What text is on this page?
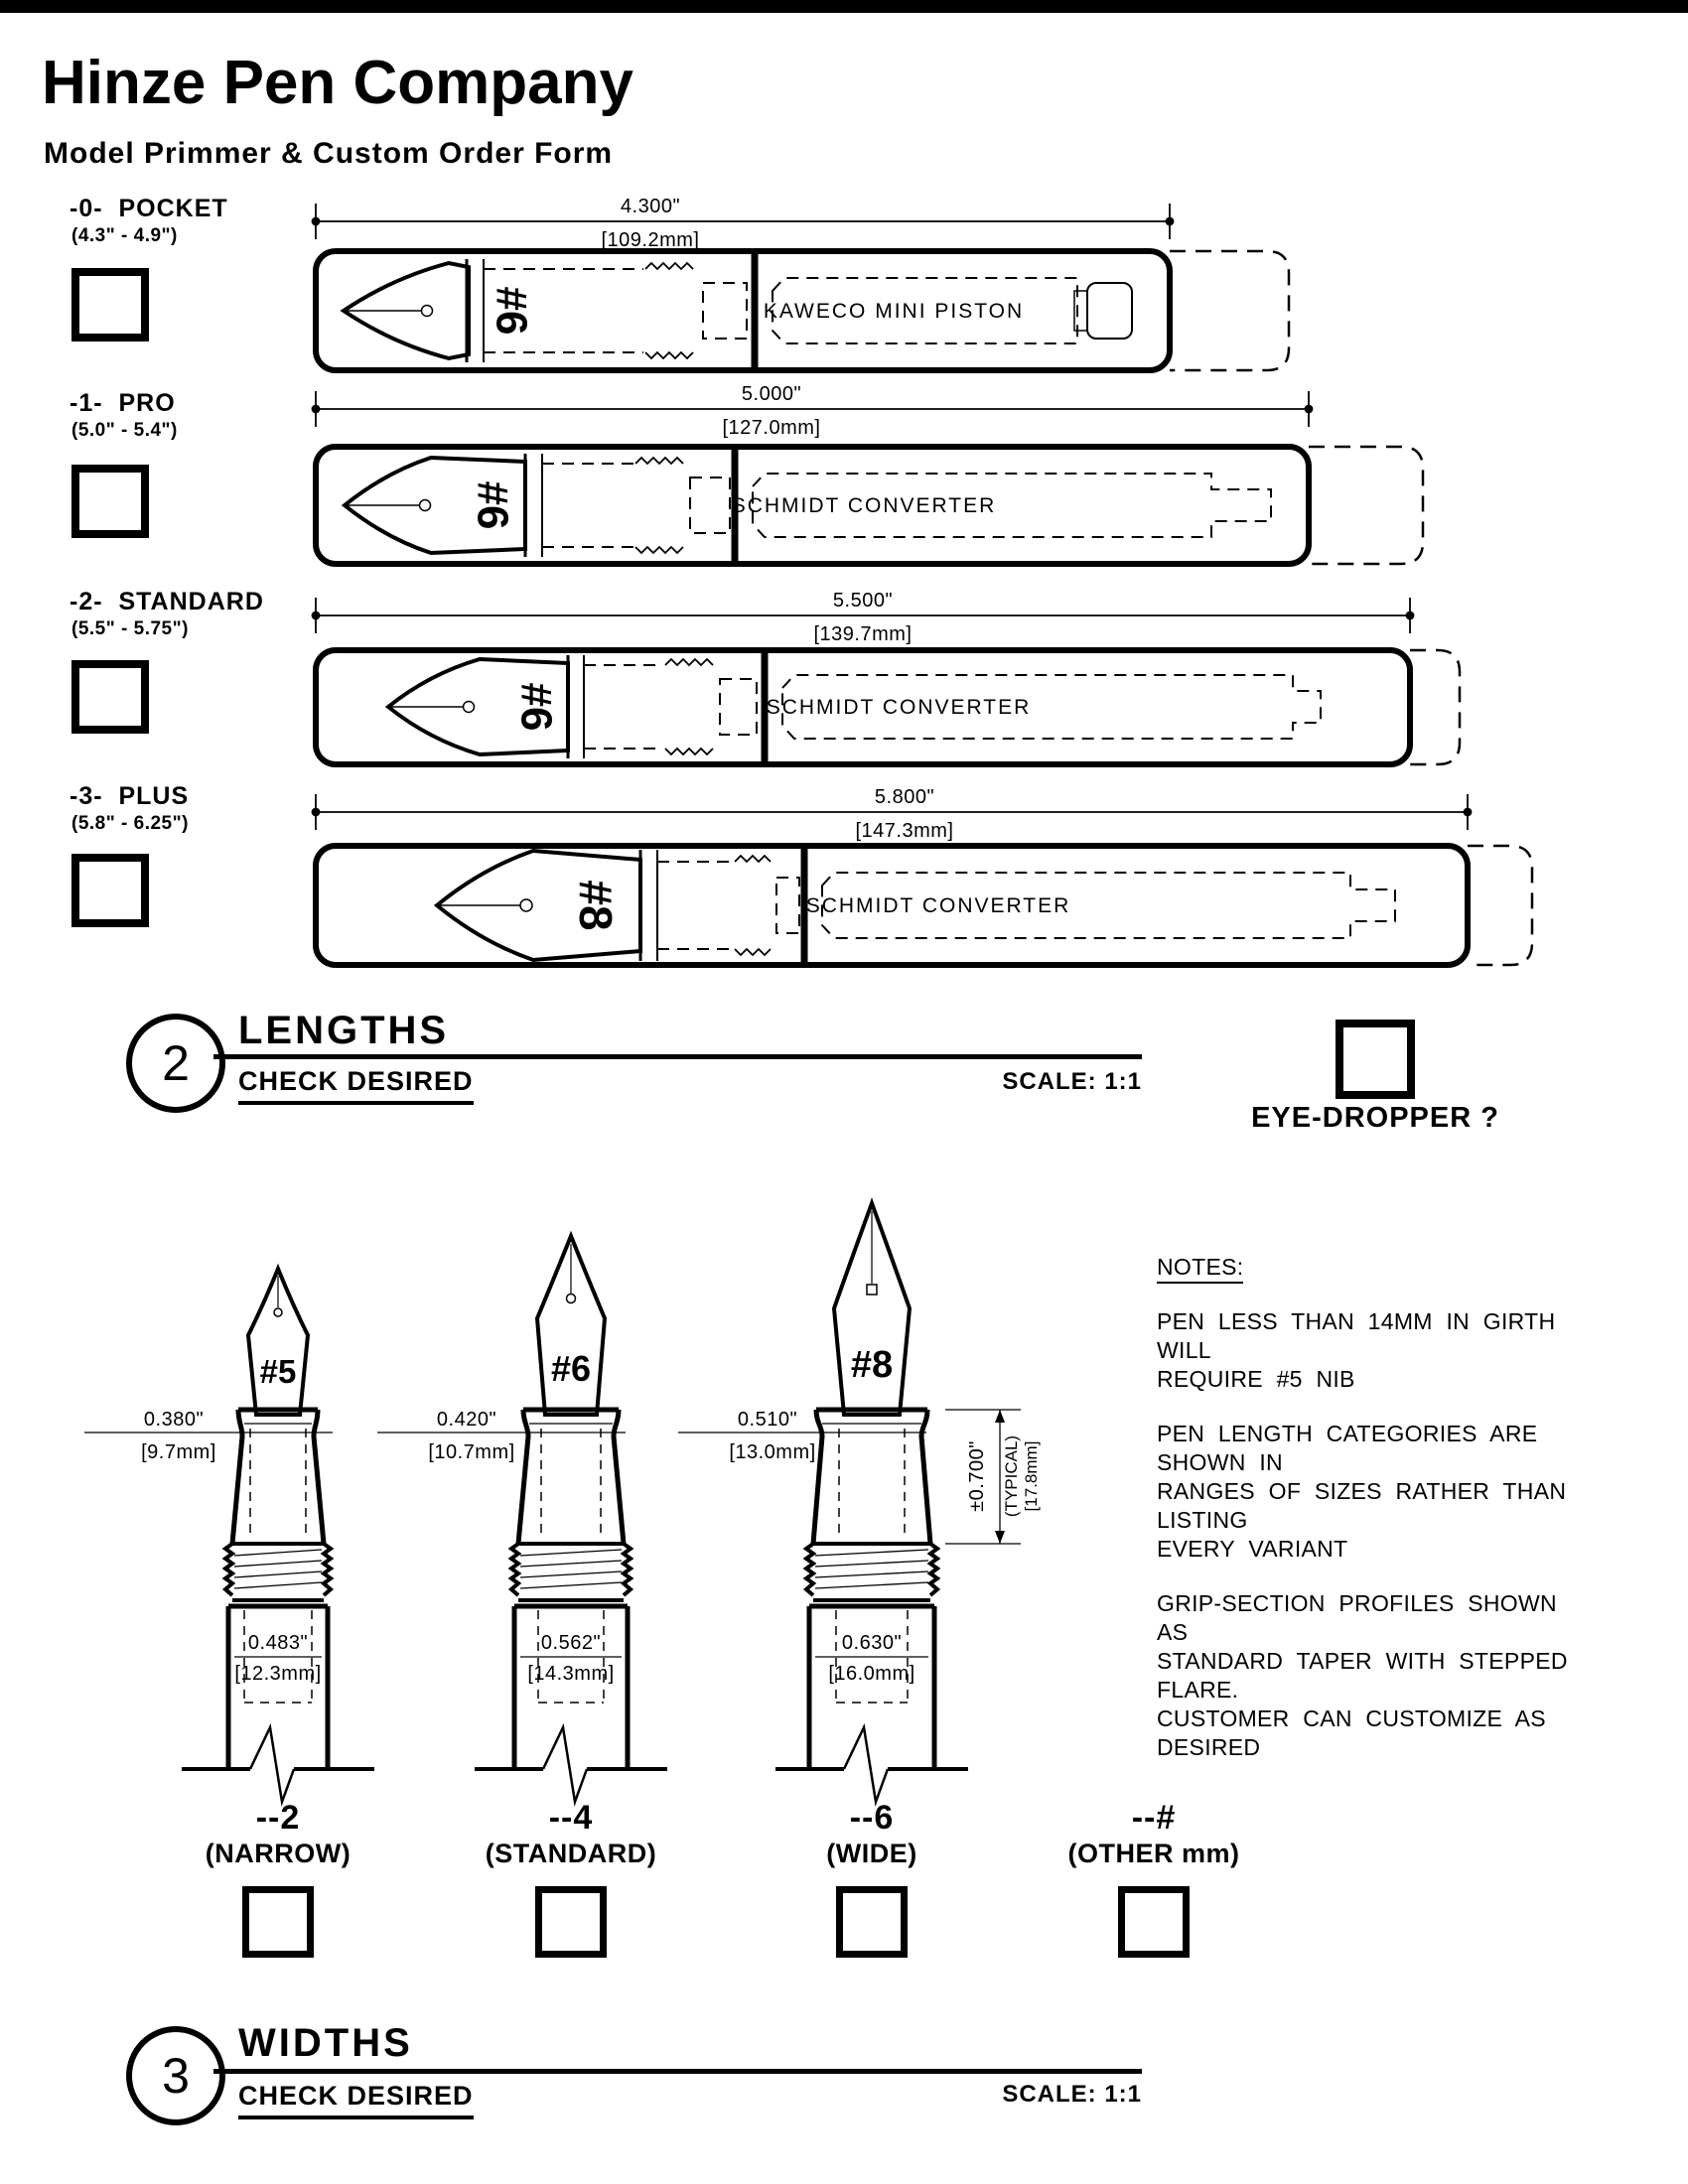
Hinze Pen Company
Model Primmer & Custom Order Form
-0- POCKET
(4.3" - 4.9")
4.300"
[109.2mm]
#6	KAWECO MINI PISTON
-1- PRO
(5.0" - 5.4")
5.000"
[127.0mm]
#6	SCHMIDT CONVERTER
-2- STANDARD
(5.5" - 5.75")
5.500"
[139.7mm]
#6	SCHMIDT CONVERTER
-3- PLUS
(5.8" - 6.25")
5.800"
[147.3mm]
#8	SCHMIDT CONVERTER
2
LENGTHS
CHECK DESIRED	SCALE: 1:1
EYE-DROPPER ?
#5
0.483"
[12.3mm]
0.380"
[9.7mm]
#6
0.562"
[14.3mm]
0.420"
[10.7mm]
#8
0.630"
[16.0mm]
0.510"
[13.0mm]	±0.700" (TYPICAL) [17.8mm]
NOTES:
PEN LESS THAN 14MM IN GIRTH WILL
REQUIRE #5 NIB
PEN LENGTH CATEGORIES ARE SHOWN IN
RANGES OF SIZES RATHER THAN LISTING
EVERY VARIANT
GRIP-SECTION PROFILES SHOWN AS
STANDARD TAPER WITH STEPPED FLARE.
CUSTOMER CAN CUSTOMIZE AS DESIRED
--2
(NARROW)
--4
(STANDARD)
--6
(WIDE)
--#
(OTHER mm)
3
WIDTHS
CHECK DESIRED	SCALE: 1:1
